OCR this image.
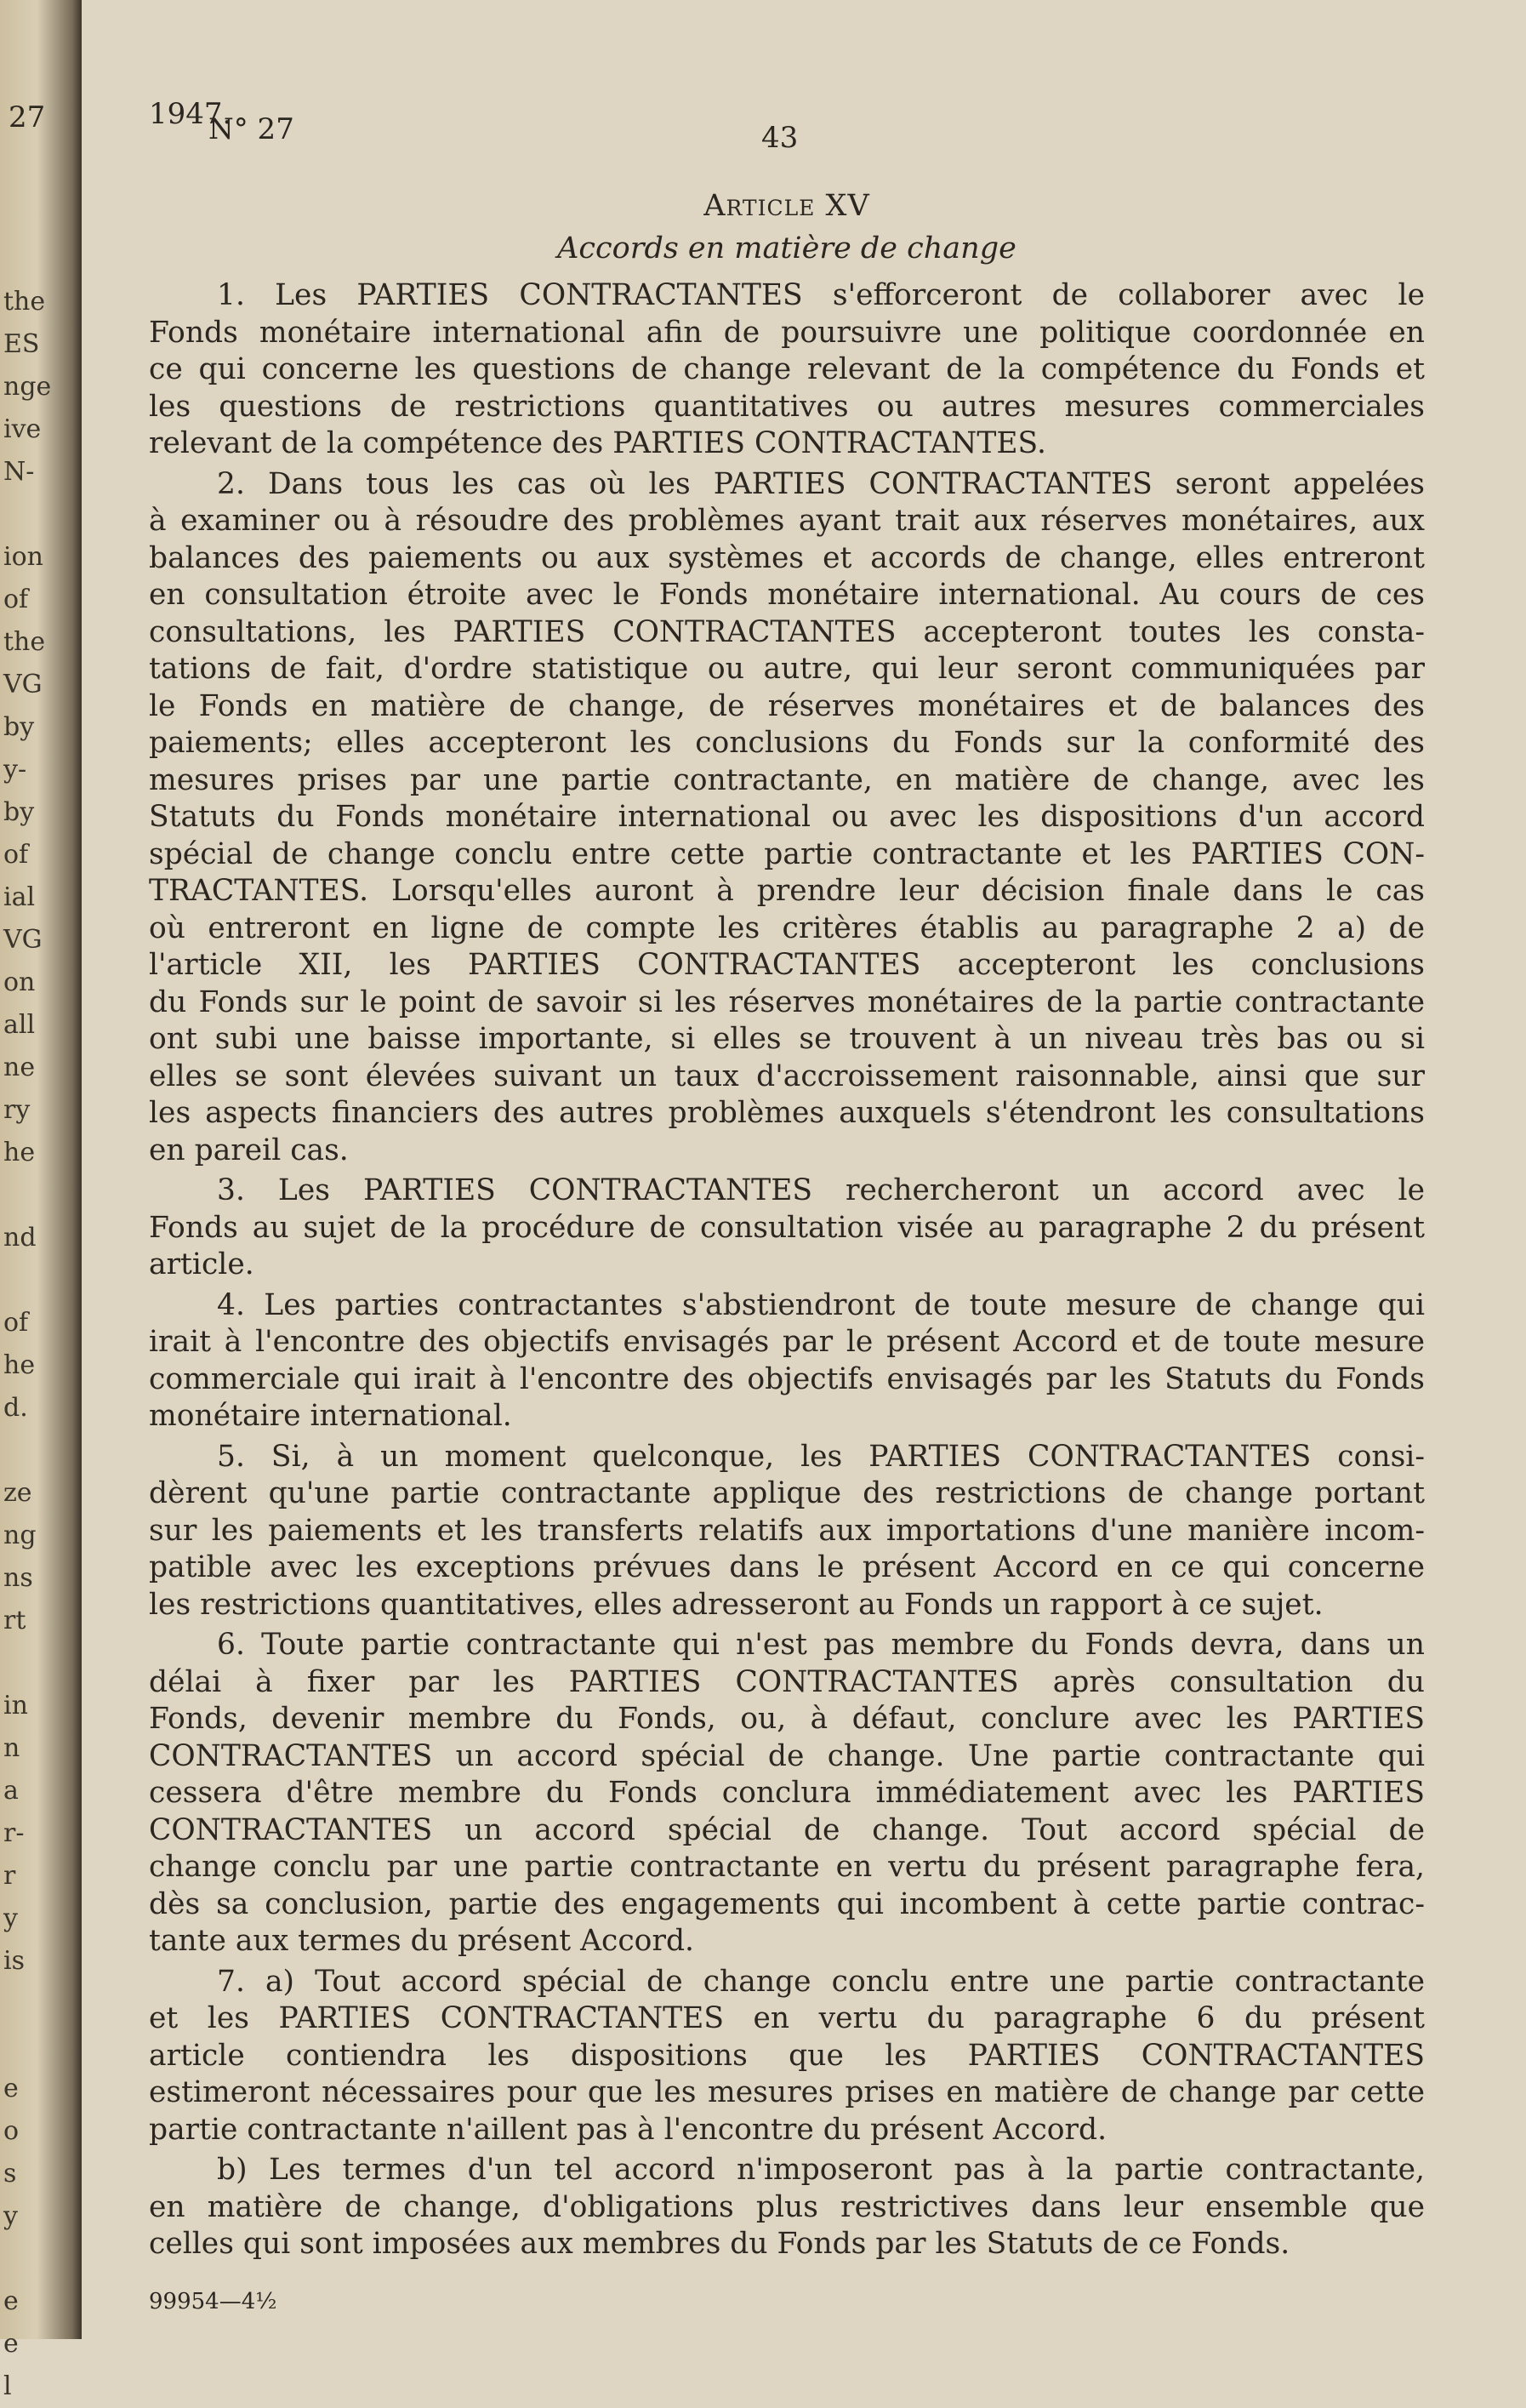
27
the
ES
nge
ive
N-
ion
of
the
VG
by
y-
by
of
ial
VG
on
all
ne
ry
he
nd
of
he
d.
ze
ng
ns
rt
in
n
a
r-
r
y
is
e
o
s
y
e
e
l
1947.
N° 27	43
Article XV
Accords en matière de change
1. Les PARTIES CONTRACTANTES s'efforceront de collaborer avec le
Fonds monétaire international afin de poursuivre une politique coordonnée en
ce qui concerne les questions de change relevant de la compétence du Fonds et
les questions de restrictions quantitatives ou autres mesures commerciales
relevant de la compétence des PARTIES CONTRACTANTES.
2. Dans tous les cas où les PARTIES CONTRACTANTES seront appelées
à examiner ou à résoudre des problèmes ayant trait aux réserves monétaires, aux
balances des paiements ou aux systèmes et accords de change, elles entreront
en consultation étroite avec le Fonds monétaire international. Au cours de ces
consultations, les PARTIES CONTRACTANTES accepteront toutes les consta-
tations de fait, d'ordre statistique ou autre, qui leur seront communiquées par
le Fonds en matière de change, de réserves monétaires et de balances des
paiements; elles accepteront les conclusions du Fonds sur la conformité des
mesures prises par une partie contractante, en matière de change, avec les
Statuts du Fonds monétaire international ou avec les dispositions d'un accord
spécial de change conclu entre cette partie contractante et les PARTIES CON-
TRACTANTES. Lorsqu'elles auront à prendre leur décision finale dans le cas
où entreront en ligne de compte les critères établis au paragraphe 2 a) de
l'article XII, les PARTIES CONTRACTANTES accepteront les conclusions
du Fonds sur le point de savoir si les réserves monétaires de la partie contractante
ont subi une baisse importante, si elles se trouvent à un niveau très bas ou si
elles se sont élevées suivant un taux d'accroissement raisonnable, ainsi que sur
les aspects financiers des autres problèmes auxquels s'étendront les consultations
en pareil cas.
3. Les PARTIES CONTRACTANTES rechercheront un accord avec le
Fonds au sujet de la procédure de consultation visée au paragraphe 2 du présent
article.
4. Les parties contractantes s'abstiendront de toute mesure de change qui
irait à l'encontre des objectifs envisagés par le présent Accord et de toute mesure
commerciale qui irait à l'encontre des objectifs envisagés par les Statuts du Fonds
monétaire international.
5. Si, à un moment quelconque, les PARTIES CONTRACTANTES consi-
dèrent qu'une partie contractante applique des restrictions de change portant
sur les paiements et les transferts relatifs aux importations d'une manière incom-
patible avec les exceptions prévues dans le présent Accord en ce qui concerne
les restrictions quantitatives, elles adresseront au Fonds un rapport à ce sujet.
6. Toute partie contractante qui n'est pas membre du Fonds devra, dans un
délai à fixer par les PARTIES CONTRACTANTES après consultation du
Fonds, devenir membre du Fonds, ou, à défaut, conclure avec les PARTIES
CONTRACTANTES un accord spécial de change. Une partie contractante qui
cessera d'être membre du Fonds conclura immédiatement avec les PARTIES
CONTRACTANTES un accord spécial de change. Tout accord spécial de
change conclu par une partie contractante en vertu du présent paragraphe fera,
dès sa conclusion, partie des engagements qui incombent à cette partie contrac-
tante aux termes du présent Accord.
7. a) Tout accord spécial de change conclu entre une partie contractante
et les PARTIES CONTRACTANTES en vertu du paragraphe 6 du présent
article contiendra les dispositions que les PARTIES CONTRACTANTES
estimeront nécessaires pour que les mesures prises en matière de change par cette
partie contractante n'aillent pas à l'encontre du présent Accord.
b) Les termes d'un tel accord n'imposeront pas à la partie contractante,
en matière de change, d'obligations plus restrictives dans leur ensemble que
celles qui sont imposées aux membres du Fonds par les Statuts de ce Fonds.
99954—4½
